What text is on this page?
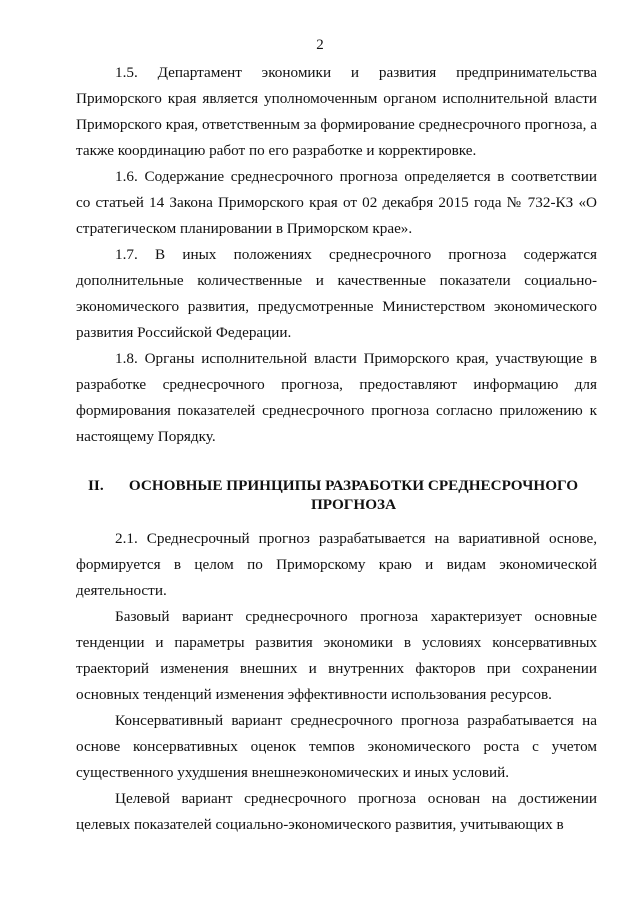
2

1.5. Департамент экономики и развития предпринимательства Приморского края является уполномоченным органом исполнительной власти Приморского края, ответственным за формирование среднесрочного прогноза, а также координацию работ по его разработке и корректировке.

1.6. Содержание среднесрочного прогноза определяется в соответствии со статьей 14 Закона Приморского края от 02 декабря 2015 года № 732-КЗ «О стратегическом планировании в Приморском крае».

1.7. В иных положениях среднесрочного прогноза содержатся дополнительные количественные и качественные показатели социально-экономического развития, предусмотренные Министерством экономического развития Российской Федерации.

1.8. Органы исполнительной власти Приморского края, участвующие в разработке среднесрочного прогноза, предоставляют информацию для формирования показателей среднесрочного прогноза согласно приложению к настоящему Порядку.

II.	ОСНОВНЫЕ ПРИНЦИПЫ РАЗРАБОТКИ СРЕДНЕСРОЧНОГО ПРОГНОЗА

2.1. Среднесрочный прогноз разрабатывается на вариативной основе, формируется в целом по Приморскому краю и видам экономической деятельности.

Базовый вариант среднесрочного прогноза характеризует основные тенденции и параметры развития экономики в условиях консервативных траекторий изменения внешних и внутренних факторов при сохранении основных тенденций изменения эффективности использования ресурсов.

Консервативный вариант среднесрочного прогноза разрабатывается на основе консервативных оценок темпов экономического роста с учетом существенного ухудшения внешнеэкономических и иных условий.

Целевой вариант среднесрочного прогноза основан на достижении целевых показателей социально-экономического развития, учитывающих в
